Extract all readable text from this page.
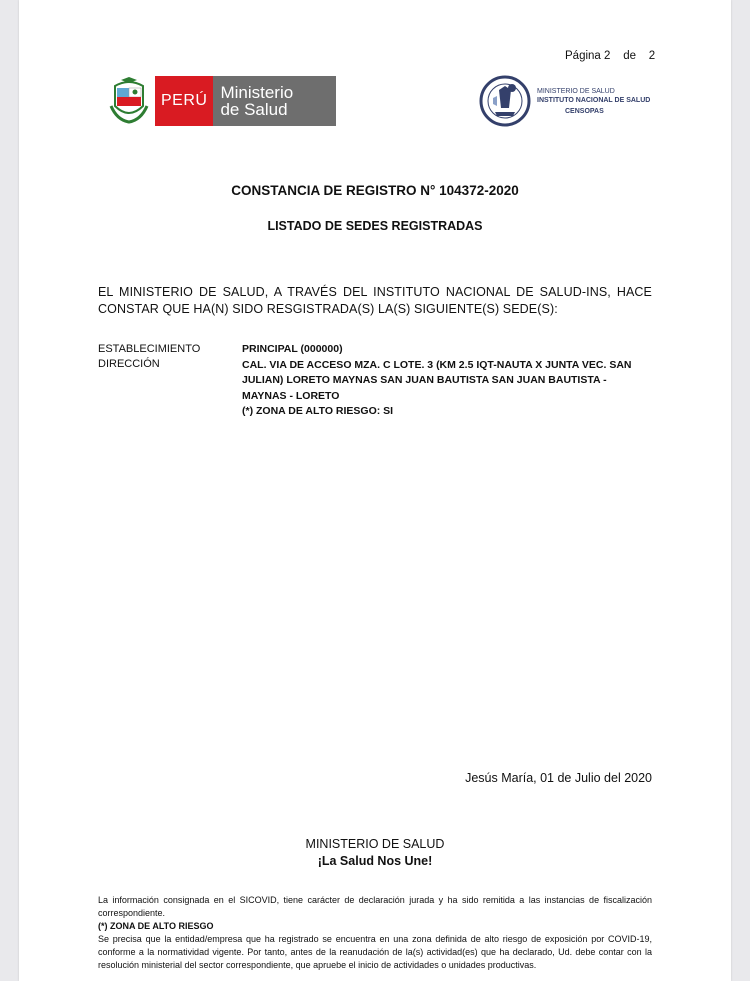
Página 2 de 2
PERÚ Ministerio
de Salud
MINISTERIO DE SALUD
INSTITUTO NACIONAL DE SALUD

CENSOPAS
CONSTANCIA DE REGISTRO N° 104372-2020
LISTADO DE SEDES REGISTRADAS
EL MINISTERIO DE SALUD, A TRAVÉS DEL INSTITUTO NACIONAL DE SALUD-INS, HACE CONSTAR QUE HA(N) SIDO RESGISTRADA(S) LA(S) SIGUIENTE(S) SEDE(S):
ESTABLECIMIENTO
DIRECCIÓN
PRINCIPAL (000000)
CAL. VIA DE ACCESO MZA. C LOTE. 3 (KM 2.5 IQT-NAUTA X JUNTA VEC. SAN JULIAN) LORETO MAYNAS SAN JUAN BAUTISTA SAN JUAN BAUTISTA - MAYNAS - LORETO
(*) ZONA DE ALTO RIESGO: SI
Jesús María, 01 de Julio del 2020
MINISTERIO DE SALUD
¡La Salud Nos Une!
La información consignada en el SICOVID, tiene carácter de declaración jurada y ha sido remitida a las instancias de fiscalización correspondiente.
(*) ZONA DE ALTO RIESGO
Se precisa que la entidad/empresa que ha registrado se encuentra en una zona definida de alto riesgo de exposición por COVID-19, conforme a la normatividad vigente. Por tanto, antes de la reanudación de la(s) actividad(es) que ha declarado, Ud. debe contar con la resolución ministerial del sector correspondiente, que apruebe el inicio de actividades o unidades productivas.
